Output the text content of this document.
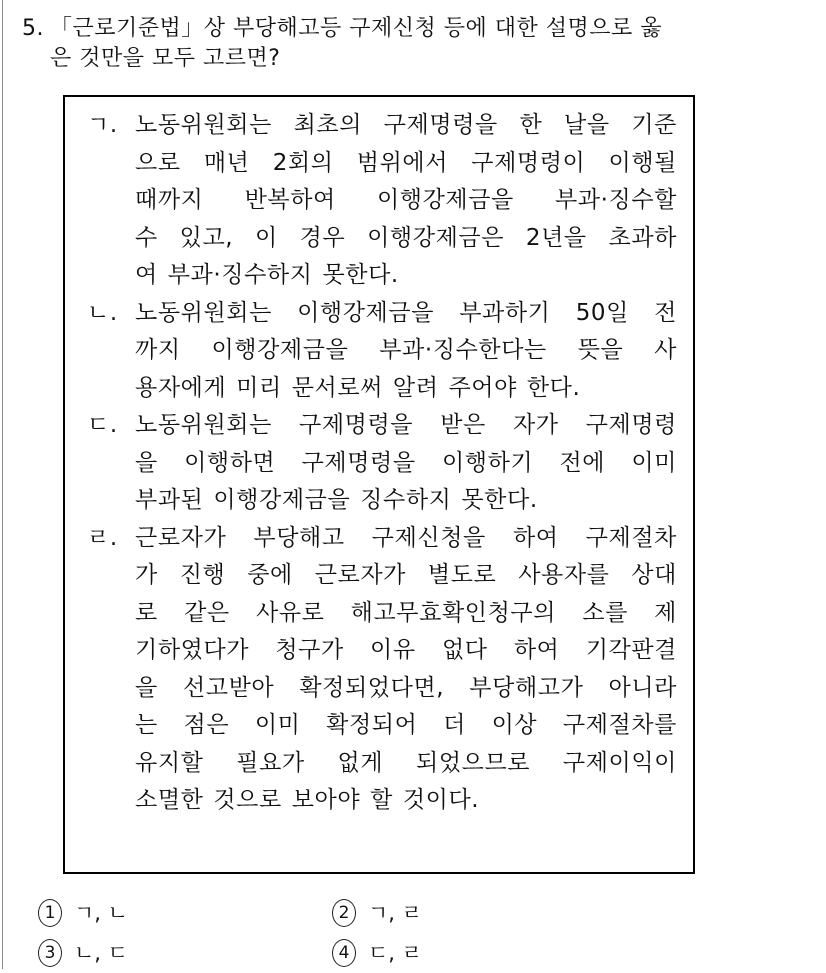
5. 「근로기준법」상 부당해고등 구제신청 등에 대한 설명으로 옳
은 것만을 모두 고르면?
ㄱ. 노동위원회는 최초의 구제명령을 한 날을 기준
으로 매년 2회의 범위에서 구제명령이 이행될
때까지 반복하여 이행강제금을 부과·징수할
수 있고, 이 경우 이행강제금은 2년을 초과하
여 부과·징수하지 못한다.
ㄴ. 노동위원회는 이행강제금을 부과하기 50일 전
까지 이행강제금을 부과·징수한다는 뜻을 사
용자에게 미리 문서로써 알려 주어야 한다.
ㄷ. 노동위원회는 구제명령을 받은 자가 구제명령
을 이행하면 구제명령을 이행하기 전에 이미
부과된 이행강제금을 징수하지 못한다.
ㄹ. 근로자가 부당해고 구제신청을 하여 구제절차
가 진행 중에 근로자가 별도로 사용자를 상대
로 같은 사유로 해고무효확인청구의 소를 제
기하였다가 청구가 이유 없다 하여 기각판결
을 선고받아 확정되었다면, 부당해고가 아니라
는 점은 이미 확정되어 더 이상 구제절차를
유지할 필요가 없게 되었으므로 구제이익이
소멸한 것으로 보아야 할 것이다.
1 ㄱ, ㄴ	2 ㄱ, ㄹ
3 ㄴ, ㄷ	4 ㄷ, ㄹ
